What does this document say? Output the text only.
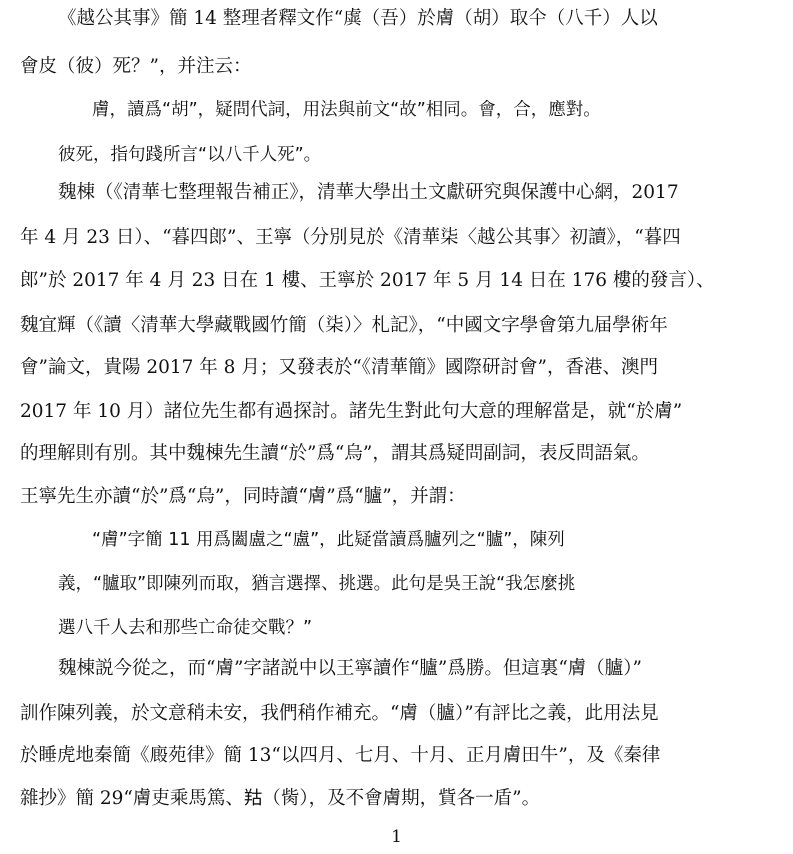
《越公其事》簡 14 整理者釋文作“虡（吾）於膚（胡）取仐（八千）人以
會皮（彼）死？”，并注云：
膚，讀爲“胡”，疑問代詞，用法與前文“故”相同。會，合，應對。
彼死，指句踐所言“以八千人死”。
魏棟（《清華七整理報告補正》，清華大學出土文獻研究與保護中心網，2017
年 4 月 23 日）、“暮四郎”、王寧（分別見於《清華柒〈越公其事〉初讀》，“暮四
郎”於 2017 年 4 月 23 日在 1 樓、王寧於 2017 年 5 月 14 日在 176 樓的發言）、
魏宜輝（《讀〈清華大學藏戰國竹簡（柒）〉札記》，“中國文字學會第九届學術年
會”論文，貴陽 2017 年 8 月；又發表於“《清華簡》國際研討會”，香港、澳門
2017 年 10 月）諸位先生都有過探討。諸先生對此句大意的理解當是，就“於膚”
的理解則有別。其中魏棟先生讀“於”爲“烏”，謂其爲疑問副詞，表反問語氣。
王寧先生亦讀“於”爲“烏”，同時讀“膚”爲“臚”，并謂：
“膚”字簡 11 用爲闔盧之“盧”，此疑當讀爲臚列之“臚”，陳列
義，“臚取”即陳列而取，猶言選擇、挑選。此句是吳王說“我怎麼挑
選八千人去和那些亡命徒交戰？”
魏棟説今從之，而“膚”字諸説中以王寧讀作“臚”爲勝。但這裏“膚（臚）”
訓作陳列義，於文意稍未安，我們稍作補充。“膚（臚）”有評比之義，此用法見
於睡虎地秦簡《廄苑律》簡 13“以四月、七月、十月、正月膚田牛”，及《秦律
雜抄》簡 29“膚吏乘馬篤、𦍩（胔），及不會膚期，貲各一盾”。
1
